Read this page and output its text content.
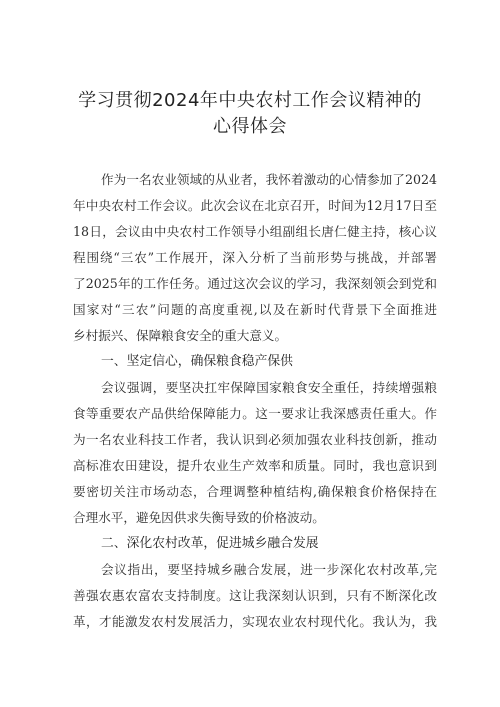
学习贯彻2024年中央农村工作会议精神的
心得体会
作为一名农业领域的从业者，我怀着激动的心情参加了2024
年中央农村工作会议。此次会议在北京召开，时间为12月17日至
18日，会议由中央农村工作领导小组副组长唐仁健主持，核心议
程围绕“三农”工作展开，深入分析了当前形势与挑战，并部署
了2025年的工作任务。通过这次会议的学习，我深刻领会到党和
国家对“三农”问题的高度重视,以及在新时代背景下全面推进
乡村振兴、保障粮食安全的重大意义。
一、坚定信心，确保粮食稳产保供
会议强调，要坚决扛牢保障国家粮食安全重任，持续增强粮
食等重要农产品供给保障能力。这一要求让我深感责任重大。作
为一名农业科技工作者，我认识到必须加强农业科技创新，推动
高标准农田建设，提升农业生产效率和质量。同时，我也意识到
要密切关注市场动态，合理调整种植结构,确保粮食价格保持在
合理水平，避免因供求失衡导致的价格波动。
二、深化农村改革，促进城乡融合发展
会议指出，要坚持城乡融合发展，进一步深化农村改革,完
善强农惠农富农支持制度。这让我深刻认识到，只有不断深化改
革，才能激发农村发展活力，实现农业农村现代化。我认为，我
